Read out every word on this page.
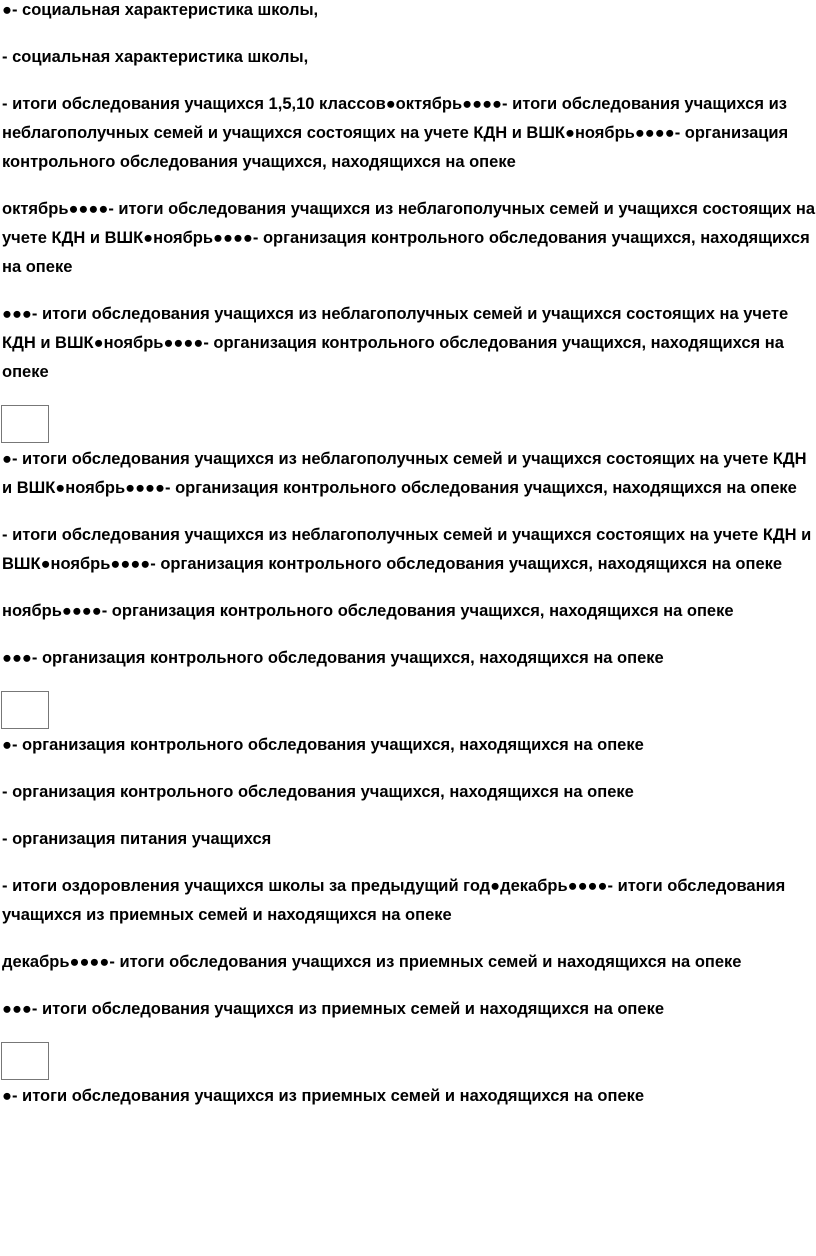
●- социальная характеристика школы,

- социальная характеристика школы,

- итоги обследования учащихся 1,5,10 классов●октябрь●●●●- итоги обследования учащихся из неблагополучных семей и учащихся состоящих на учете КДН и ВШК●ноябрь●●●●- организация контрольного обследования учащихся, находящихся на опеке

октябрь●●●●- итоги обследования учащихся из неблагополучных семей и учащихся состоящих на учете КДН и ВШК●ноябрь●●●●- организация контрольного обследования учащихся, находящихся на опеке

●●●- итоги обследования учащихся из неблагополучных семей и учащихся состоящих на учете КДН и ВШК●ноябрь●●●●- организация контрольного обследования учащихся, находящихся на опеке

●- итоги обследования учащихся из неблагополучных семей и учащихся состоящих на учете КДН и ВШК●ноябрь●●●●- организация контрольного обследования учащихся, находящихся на опеке

- итоги обследования учащихся из неблагополучных семей и учащихся состоящих на учете КДН и ВШК●ноябрь●●●●- организация контрольного обследования учащихся, находящихся на опеке

ноябрь●●●●- организация контрольного обследования учащихся, находящихся на опеке

●●●- организация контрольного обследования учащихся, находящихся на опеке

●- организация контрольного обследования учащихся, находящихся на опеке

- организация контрольного обследования учащихся, находящихся на опеке

- организация питания учащихся

- итоги оздоровления учащихся школы за предыдущий год●декабрь●●●●- итоги обследования учащихся из приемных семей и находящихся на опеке

декабрь●●●●- итоги обследования учащихся из приемных семей и находящихся на опеке

●●●- итоги обследования учащихся из приемных семей и находящихся на опеке

●- итоги обследования учащихся из приемных семей и находящихся на опеке
